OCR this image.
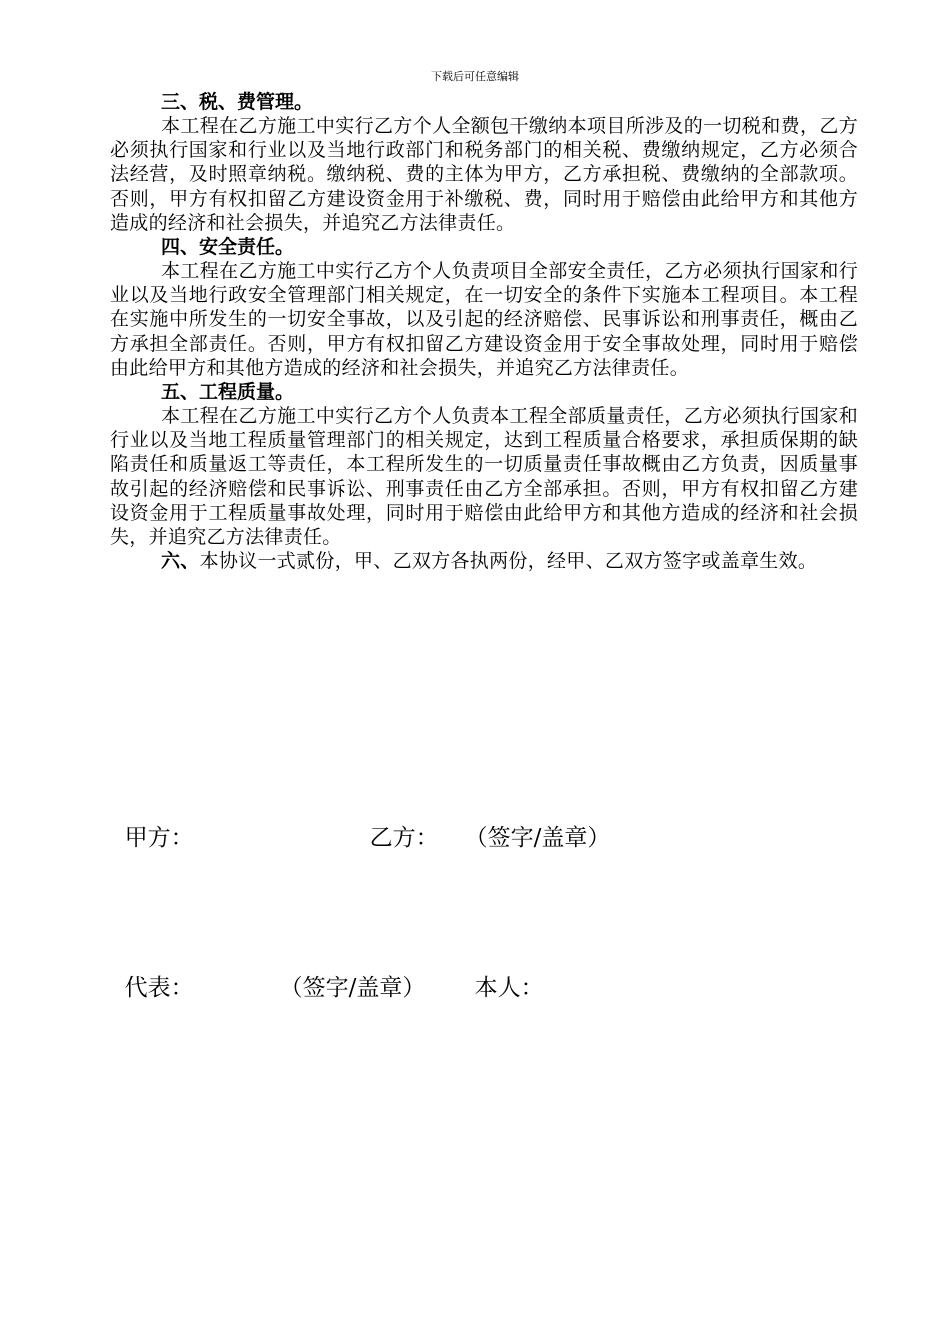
下载后可任意编辑

三、税、费管理。

本工程在乙方施工中实行乙方个人全额包干缴纳本项目所涉及的一切税和费，乙方必须执行国家和行业以及当地行政部门和税务部门的相关税、费缴纳规定，乙方必须合法经营，及时照章纳税。缴纳税、费的主体为甲方，乙方承担税、费缴纳的全部款项。否则，甲方有权扣留乙方建设资金用于补缴税、费，同时用于赔偿由此给甲方和其他方造成的经济和社会损失，并追究乙方法律责任。

四、安全责任。

本工程在乙方施工中实行乙方个人负责项目全部安全责任，乙方必须执行国家和行业以及当地行政安全管理部门相关规定，在一切安全的条件下实施本工程项目。本工程在实施中所发生的一切安全事故，以及引起的经济赔偿、民事诉讼和刑事责任，概由乙方承担全部责任。否则，甲方有权扣留乙方建设资金用于安全事故处理，同时用于赔偿由此给甲方和其他方造成的经济和社会损失，并追究乙方法律责任。

五、工程质量。

本工程在乙方施工中实行乙方个人负责本工程全部质量责任，乙方必须执行国家和行业以及当地工程质量管理部门的相关规定，达到工程质量合格要求，承担质保期的缺陷责任和质量返工等责任，本工程所发生的一切质量责任事故概由乙方负责，因质量事故引起的经济赔偿和民事诉讼、刑事责任由乙方全部承担。否则，甲方有权扣留乙方建设资金用于工程质量事故处理，同时用于赔偿由此给甲方和其他方造成的经济和社会损失，并追究乙方法律责任。

六、本协议一式贰份，甲、乙双方各执两份，经甲、乙双方签字或盖章生效。

甲方：	乙方： （签字/盖章）

代表：	（签字/盖章） 本人：
